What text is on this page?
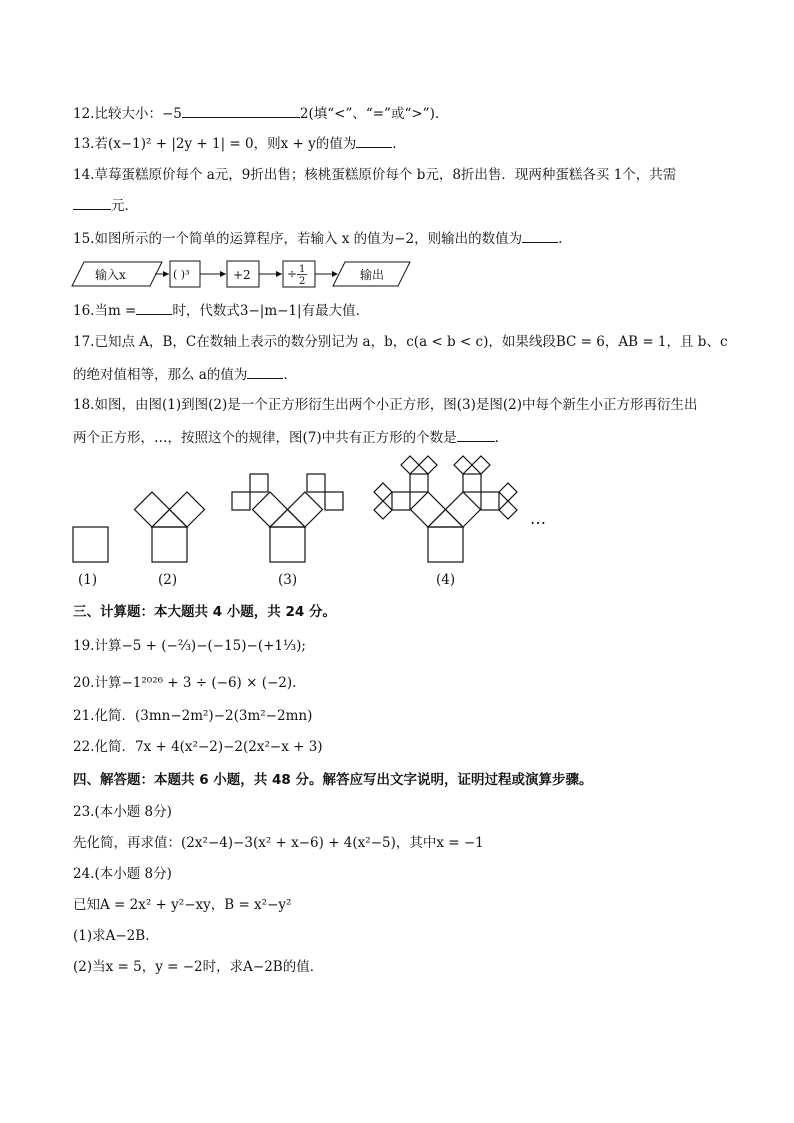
12.比较大小：−5	2(填“<”、“=”或“>”).
13.若(x−1)² + |2y + 1| = 0，则x + y的值为	.
14.草莓蛋糕原价每个 a元，9折出售；核桃蛋糕原价每个 b元，8折出售．现两种蛋糕各买 1个，共需
元．
15.如图所示的一个简单的运算程序，若输入 x 的值为−2，则输出的数值为	.
输入x	( )³	+2	÷ 1
2	输出
16.当m =	时，代数式3−|m−1|有最大值．
17.已知点 A，B，C在数轴上表示的数分别记为 a，b，c(a < b < c)，如果线段BC = 6，AB = 1，且 b、c
的绝对值相等，那么 a的值为	.
18.如图，由图(1)到图(2)是一个正方形衍生出两个小正方形，图(3)是图(2)中每个新生小正方形再衍生出
两个正方形，…，按照这个的规律，图(7)中共有正方形的个数是	.
…
(1)	(2)	(3)	(4)
三、计算题：本大题共 4 小题，共 24 分。
19.计算−5 + (−⅔)−(−15)−(+1⅓);
20.计算−1²⁰²⁶ + 3 ÷ (−6) × (−2).
21.化简．(3mn−2m²)−2(3m²−2mn)
22.化简．7x + 4(x²−2)−2(2x²−x + 3)
四、解答题：本题共 6 小题，共 48 分。解答应写出文字说明，证明过程或演算步骤。
23.(本小题 8分)
先化简，再求值：(2x²−4)−3(x² + x−6) + 4(x²−5)，其中x = −1
24.(本小题 8分)
已知A = 2x² + y²−xy，B = x²−y²
(1)求A−2B.
(2)当x = 5，y = −2时，求A−2B的值．
